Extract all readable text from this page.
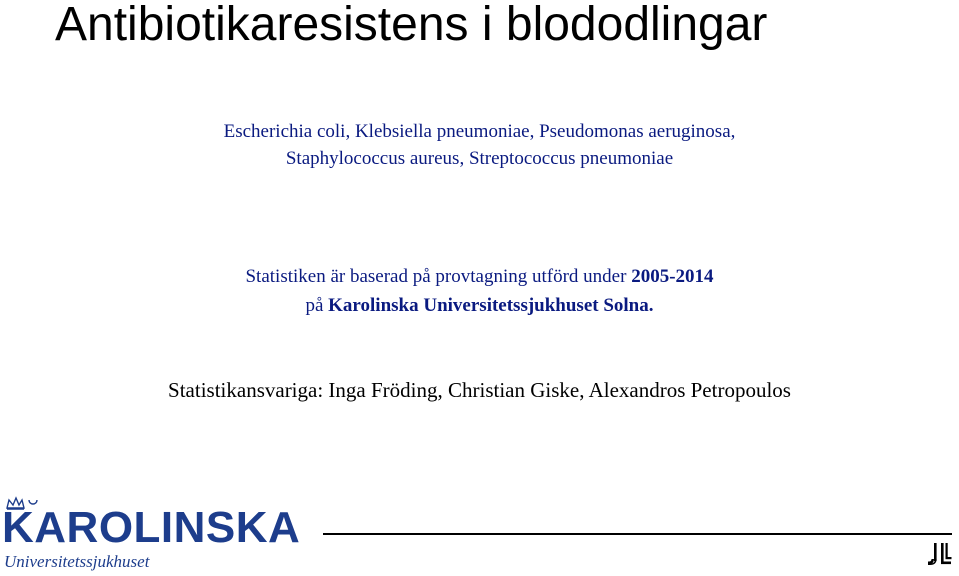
Antibiotikaresistens i blododlingar
Escherichia coli, Klebsiella pneumoniae, Pseudomonas aeruginosa,
Staphylococcus aureus, Streptococcus pneumoniae
Statistiken är baserad på provtagning utförd under 2005-2014
på Karolinska Universitetssjukhuset Solna.
Statistikansvariga: Inga Fröding, Christian Giske, Alexandros Petropoulos
KAROLINSKA
Universitetssjukhuset
